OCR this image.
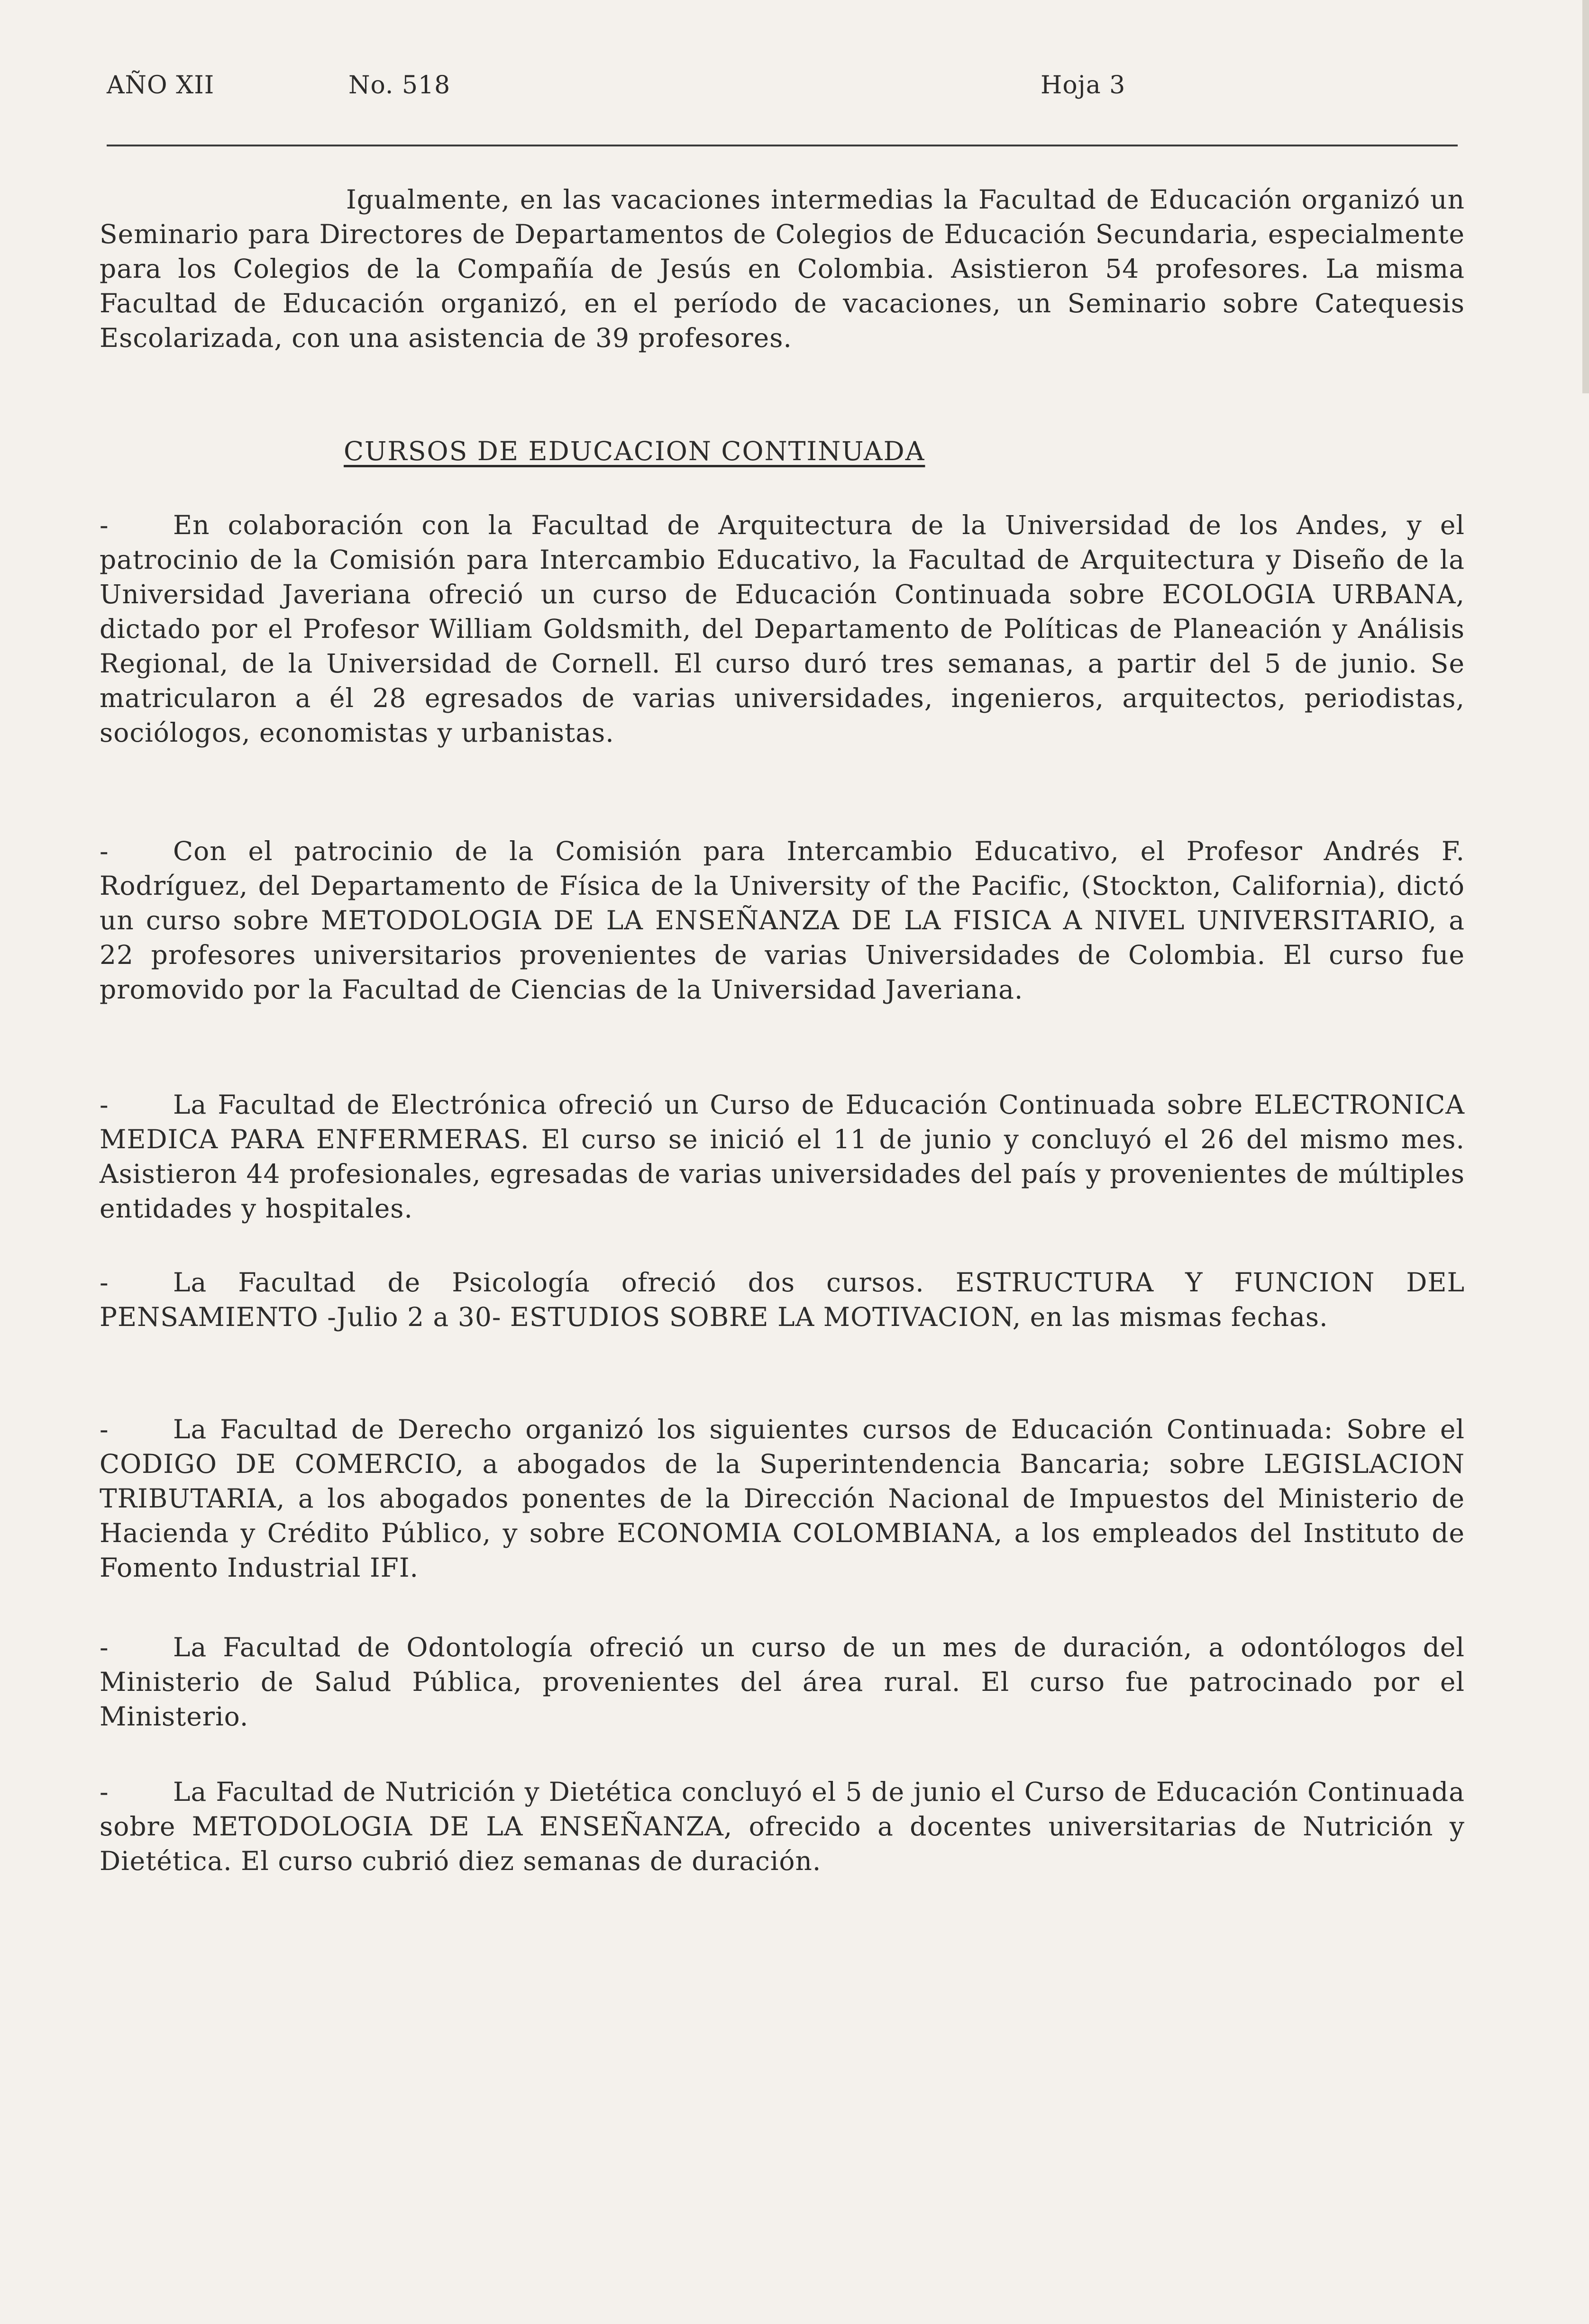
AÑO XII	No. 518	Hoja 3
Igualmente, en las vacaciones intermedias la Facultad de Educación organizó un Seminario para Directores de Departamentos de Colegios de Educación Secundaria, especialmente para los Colegios de la Compañía de Jesús en Colombia. Asistieron 54 profesores. La misma Facultad de Educación organizó, en el período de vacaciones, un Seminario sobre Catequesis Escolarizada, con una asistencia de 39 profesores.
CURSOS DE EDUCACION CONTINUADA
-	En colaboración con la Facultad de Arquitectura de la Universidad de los Andes, y el patrocinio de la Comisión para Intercambio Educativo, la Facultad de Arquitectura y Diseño de la Universidad Javeriana ofreció un curso de Educación Continuada sobre ECOLOGIA URBANA, dictado por el Profesor William Goldsmith, del Departamento de Políticas de Planeación y Análisis Regional, de la Universidad de Cornell. El curso duró tres semanas, a partir del 5 de junio. Se matricularon a él 28 egresados de varias universidades, ingenieros, arquitectos, periodistas, sociólogos, economistas y urbanistas.
-	Con el patrocinio de la Comisión para Intercambio Educativo, el Profesor Andrés F. Rodríguez, del Departamento de Física de la University of the Pacific, (Stockton, California), dictó un curso sobre METODOLOGIA DE LA ENSEÑANZA DE LA FISICA A NIVEL UNIVERSITARIO, a 22 profesores universitarios provenientes de varias Universidades de Colombia. El curso fue promovido por la Facultad de Ciencias de la Universidad Javeriana.
-	La Facultad de Electrónica ofreció un Curso de Educación Continuada sobre ELECTRONICA MEDICA PARA ENFERMERAS. El curso se inició el 11 de junio y concluyó el 26 del mismo mes. Asistieron 44 profesionales, egresadas de varias universidades del país y provenientes de múltiples entidades y hospitales.
-	La Facultad de Psicología ofreció dos cursos. ESTRUCTURA Y FUNCION DEL PENSAMIENTO -Julio 2 a 30- ESTUDIOS SOBRE LA MOTIVACION, en las mismas fechas.
-	La Facultad de Derecho organizó los siguientes cursos de Educación Continuada: Sobre el CODIGO DE COMERCIO, a abogados de la Superintendencia Bancaria; sobre LEGISLACION TRIBUTARIA, a los abogados ponentes de la Dirección Nacional de Impuestos del Ministerio de Hacienda y Crédito Público, y sobre ECONOMIA COLOMBIANA, a los empleados del Instituto de Fomento Industrial IFI.
-	La Facultad de Odontología ofreció un curso de un mes de duración, a odontólogos del Ministerio de Salud Pública, provenientes del área rural. El curso fue patrocinado por el Ministerio.
-	La Facultad de Nutrición y Dietética concluyó el 5 de junio el Curso de Educación Continuada sobre METODOLOGIA DE LA ENSEÑANZA, ofrecido a docentes universitarias de Nutrición y Dietética. El curso cubrió diez semanas de duración.
